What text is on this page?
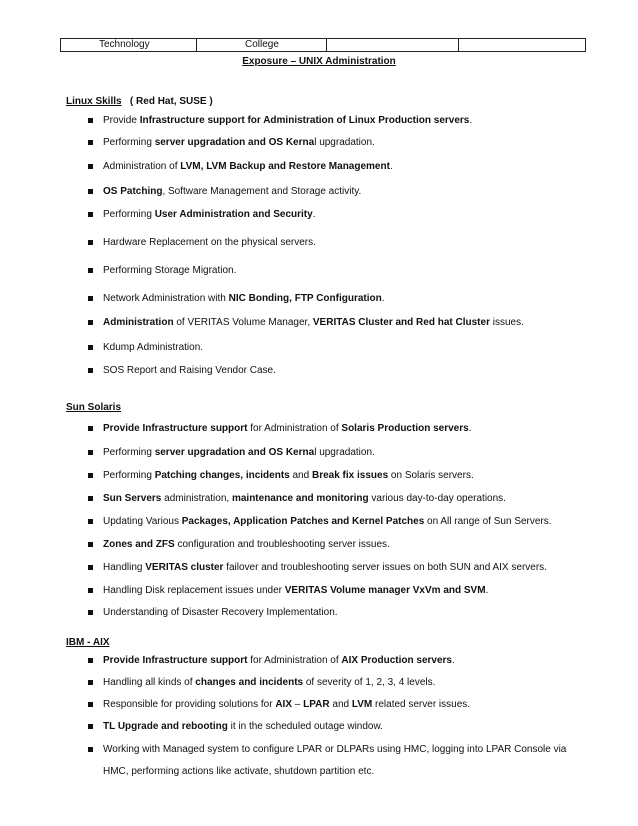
Technology	College
Exposure – UNIX Administration
Linux Skills ( Red Hat, SUSE )
Provide Infrastructure support for Administration of Linux Production servers.
Performing server upgradation and OS Kernal upgradation.
Administration of LVM, LVM Backup and Restore Management.
OS Patching, Software Management and Storage activity.
Performing User Administration and Security.
Hardware Replacement on the physical servers.
Performing Storage Migration.
Network Administration with NIC Bonding, FTP Configuration.
Administration of VERITAS Volume Manager, VERITAS Cluster and Red hat Cluster issues.
Kdump Administration.
SOS Report and Raising Vendor Case.
Sun Solaris
Provide Infrastructure support for Administration of Solaris Production servers.
Performing server upgradation and OS Kernal upgradation.
Performing Patching changes, incidents and Break fix issues on Solaris servers.
Sun Servers administration, maintenance and monitoring various day-to-day operations.
Updating Various Packages, Application Patches and Kernel Patches on All range of Sun Servers.
Zones and ZFS configuration and troubleshooting server issues.
Handling VERITAS cluster failover and troubleshooting server issues on both SUN and AIX servers.
Handling Disk replacement issues under VERITAS Volume manager VxVm and SVM.
Understanding of Disaster Recovery Implementation.
IBM - AIX
Provide Infrastructure support for Administration of AIX Production servers.
Handling all kinds of changes and incidents of severity of 1, 2, 3, 4 levels.
Responsible for providing solutions for AIX – LPAR and LVM related server issues.
TL Upgrade and rebooting it in the scheduled outage window.
Working with Managed system to configure LPAR or DLPARs using HMC, logging into LPAR Console via
HMC, performing actions like activate, shutdown partition etc.
